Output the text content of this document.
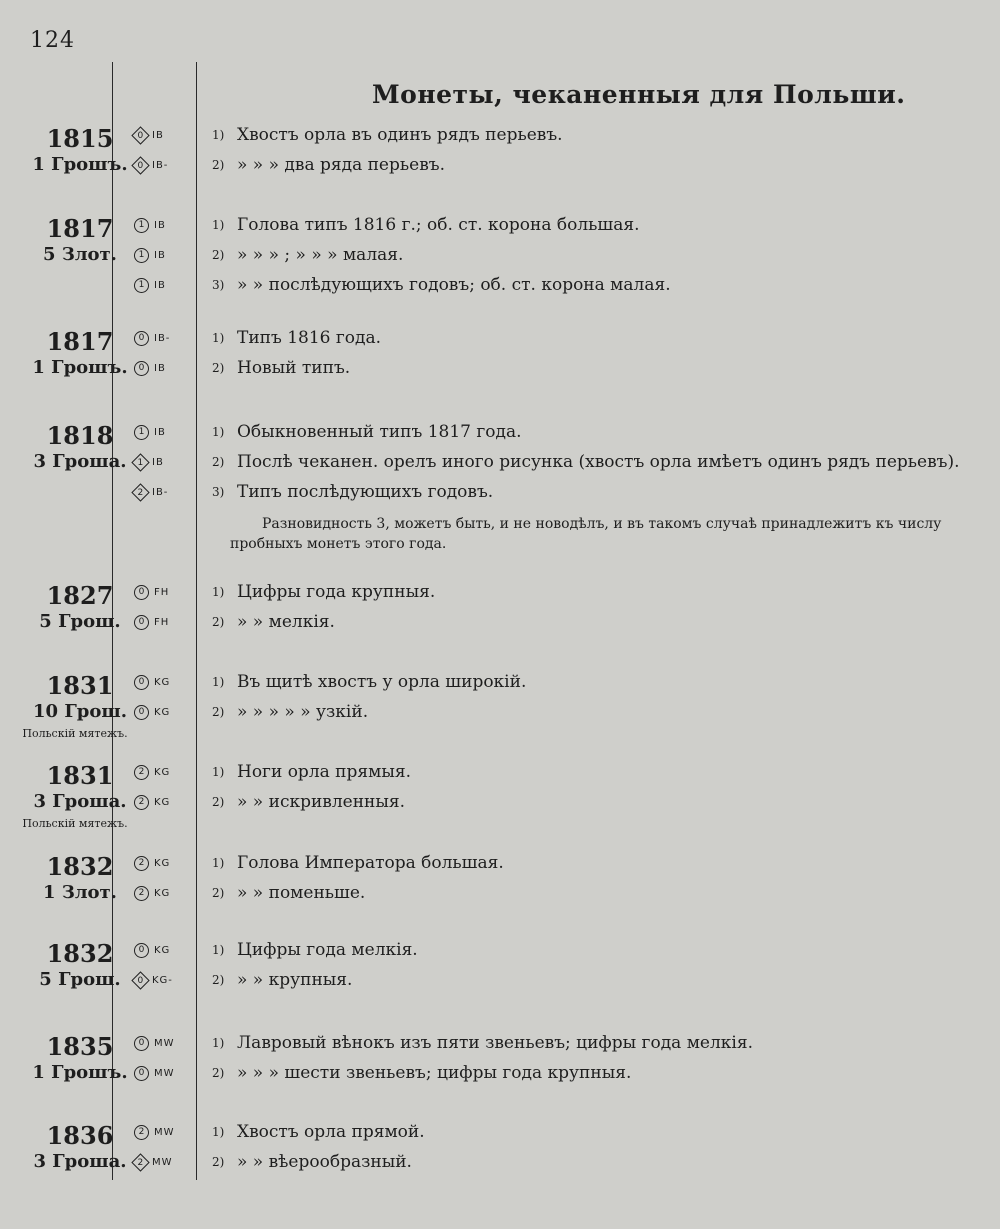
124
Монеты, чеканенныя для Польши.
1815
1 Грошъ.
0 IB	1) Хвостъ орла въ одинъ рядъ перьевъ.
0 IB-	2) » » » два ряда перьевъ.
1817
5 Злот.
1 IB	1) Голова типъ 1816 г.; об. ст. корона большая.
1 IB	2) » » » ; » » » малая.
1 IB	3) » » послѣдующихъ годовъ; об. ст. корона малая.
1817
1 Грошъ.
0 IB-	1) Типъ 1816 года.
0 IB	2) Новый типъ.
1818
3 Гроша.
1 IB	1) Обыкновенный типъ 1817 года.
1 IB	2) Послѣ чеканен. орелъ иного рисунка (хвостъ орла имѣетъ одинъ рядъ перьевъ).
2 IB-	3) Типъ послѣдующихъ годовъ.
Разновидность 3, можетъ быть, и не новодѣлъ, и въ такомъ случаѣ принадлежитъ къ числу пробныхъ монетъ этого года.
1827
5 Грош.
0 FH	1) Цифры года крупныя.
0 FH	2) » » мелкія.
1831
10 Грош.
Польскій мятежъ.
0 KG	1) Въ щитѣ хвостъ у орла широкій.
0 KG	2) » » » » » узкій.
1831
3 Гроша.
Польскій мятежъ.
2 KG	1) Ноги орла прямыя.
2 KG	2) » » искривленныя.
1832
1 Злот.
2 KG	1) Голова Императора большая.
2 KG	2) » » поменьше.
1832
5 Грош.
0 KG	1) Цифры года мелкія.
0 KG-	2) » » крупныя.
1835
1 Грошъ.
0 MW	1) Лавровый вѣнокъ изъ пяти звеньевъ; цифры года мелкія.
0 MW	2) » » » шести звеньевъ; цифры года крупныя.
1836
3 Гроша.
2 MW	1) Хвостъ орла прямой.
2 MW	2) » » вѣерообразный.
